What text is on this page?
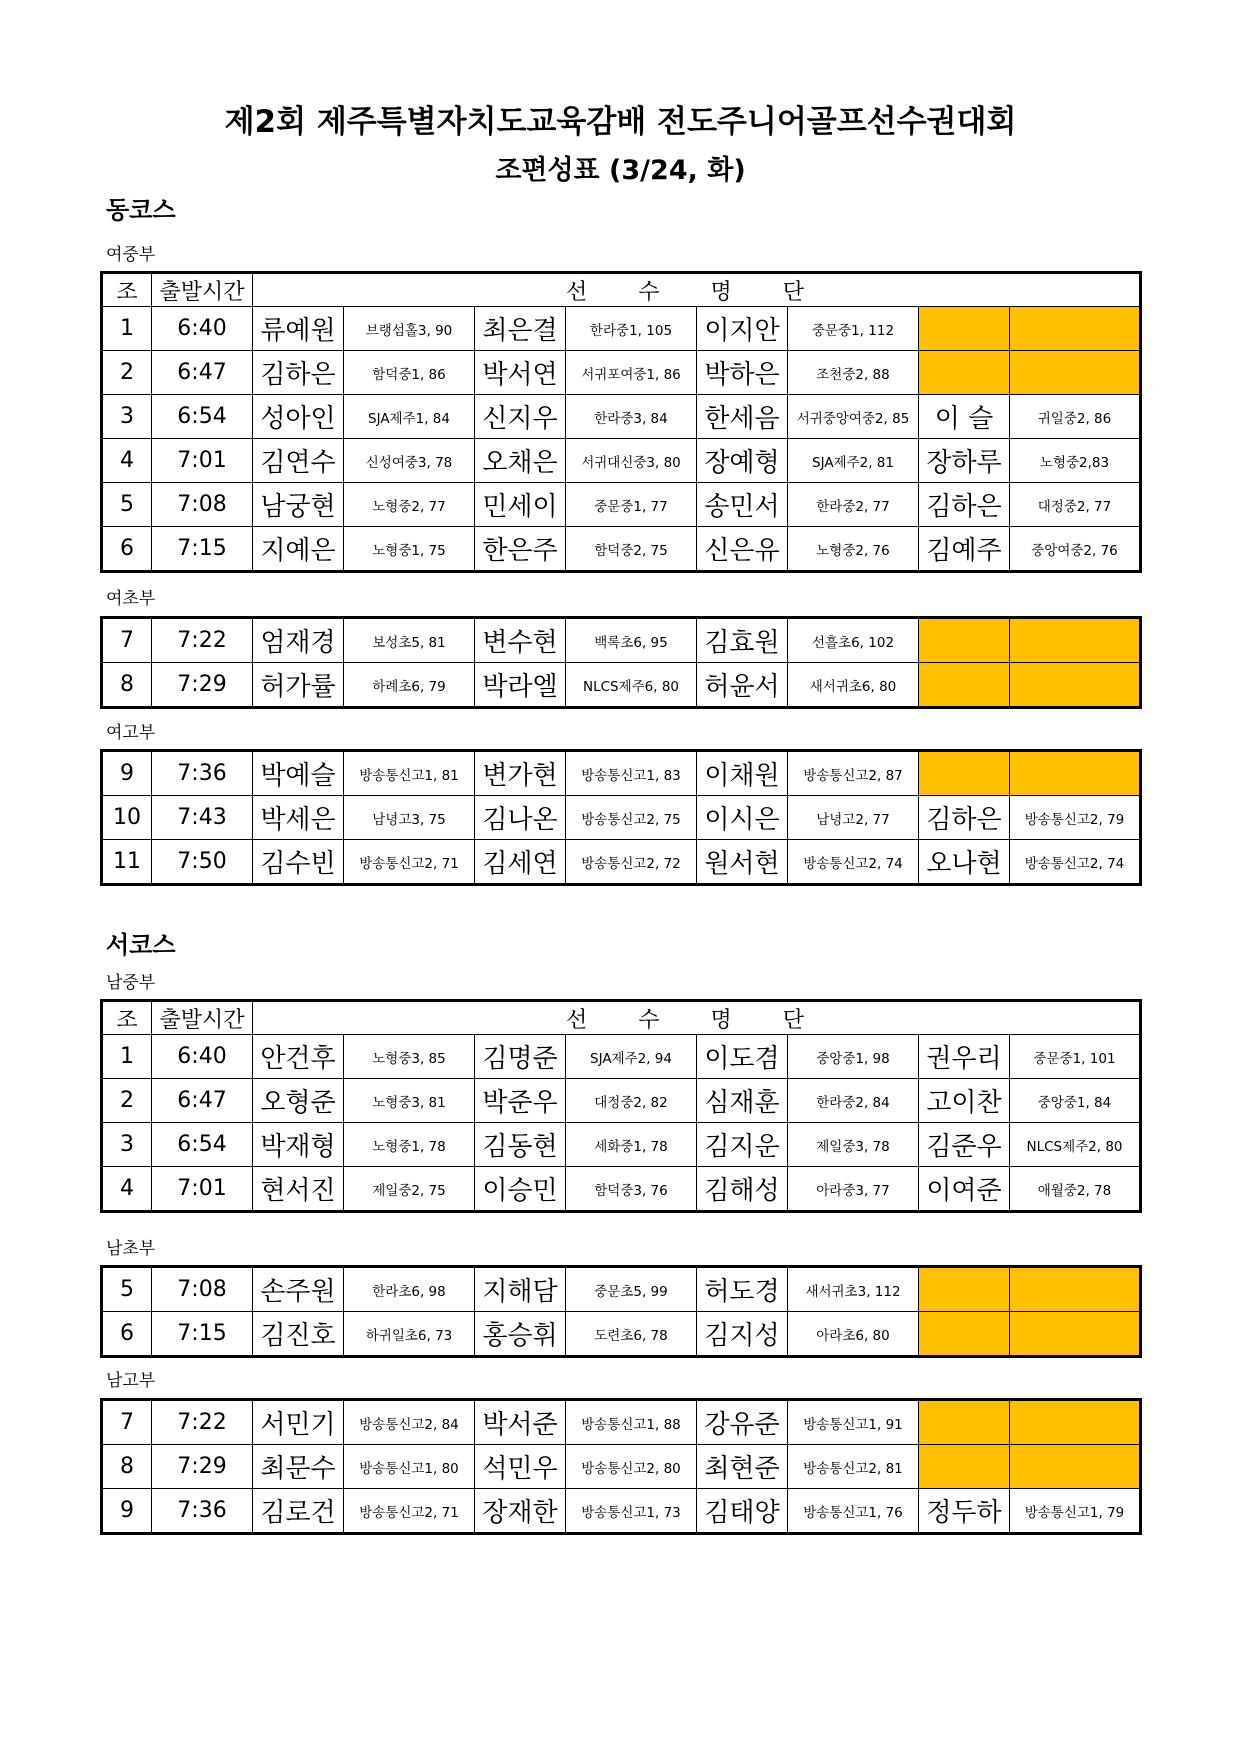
제2회 제주특별자치도교육감배 전도주니어골프선수권대회
조편성표 (3/24, 화)
동코스
여중부
조	출발시간	선 수 명 단							
1	6:40	류예원	브랭섬홀3, 90	최은결	한라중1, 105	이지안	중문중1, 112		
2	6:47	김하은	함덕중1, 86	박서연	서귀포여중1, 86	박하은	조천중2, 88		
3	6:54	성아인	SJA제주1, 84	신지우	한라중3, 84	한세음	서귀중앙여중2, 85	이 슬	귀일중2, 86
4	7:01	김연수	신성여중3, 78	오채은	서귀대신중3, 80	장예형	SJA제주2, 81	장하루	노형중2,83
5	7:08	남궁현	노형중2, 77	민세이	중문중1, 77	송민서	한라중2, 77	김하은	대정중2, 77
6	7:15	지예은	노형중1, 75	한은주	함덕중2, 75	신은유	노형중2, 76	김예주	중앙여중2, 76
여초부
7	7:22	엄재경	보성초5, 81	변수현	백록초6, 95	김효원	선흘초6, 102		
8	7:29	허가률	하례초6, 79	박라엘	NLCS제주6, 80	허윤서	새서귀초6, 80		
여고부
9	7:36	박예슬	방송통신고1, 81	변가현	방송통신고1, 83	이채원	방송통신고2, 87		
10	7:43	박세은	남녕고3, 75	김나온	방송통신고2, 75	이시은	남녕고2, 77	김하은	방송통신고2, 79
11	7:50	김수빈	방송통신고2, 71	김세연	방송통신고2, 72	원서현	방송통신고2, 74	오나현	방송통신고2, 74
서코스
남중부
조	출발시간	선 수 명 단							
1	6:40	안건후	노형중3, 85	김명준	SJA제주2, 94	이도겸	중앙중1, 98	권우리	중문중1, 101
2	6:47	오형준	노형중3, 81	박준우	대정중2, 82	심재훈	한라중2, 84	고이찬	중앙중1, 84
3	6:54	박재형	노형중1, 78	김동현	세화중1, 78	김지운	제일중3, 78	김준우	NLCS제주2, 80
4	7:01	현서진	제일중2, 75	이승민	함덕중3, 76	김해성	아라중3, 77	이여준	애월중2, 78
남초부
5	7:08	손주원	한라초6, 98	지해담	중문초5, 99	허도경	새서귀초3, 112		
6	7:15	김진호	하귀일초6, 73	홍승휘	도련초6, 78	김지성	아라초6, 80		
남고부
7	7:22	서민기	방송통신고2, 84	박서준	방송통신고1, 88	강유준	방송통신고1, 91		
8	7:29	최문수	방송통신고1, 80	석민우	방송통신고2, 80	최현준	방송통신고2, 81		
9	7:36	김로건	방송통신고2, 71	장재한	방송통신고1, 73	김태양	방송통신고1, 76	정두하	방송통신고1, 79
